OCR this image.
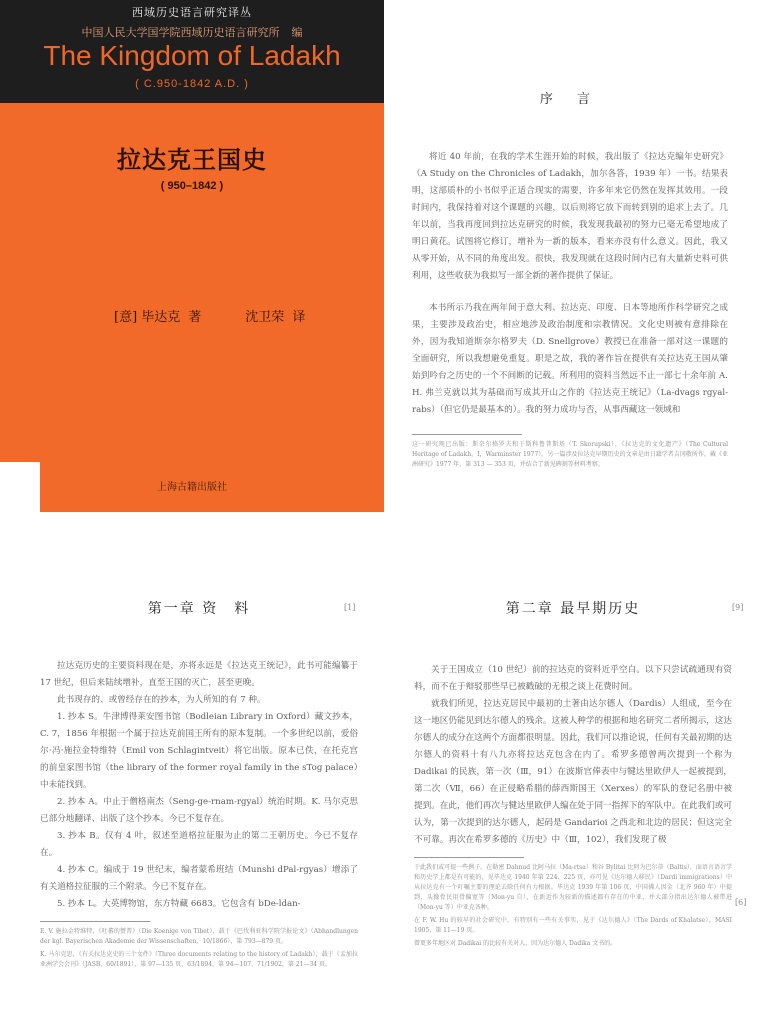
西域历史语言研究译丛
中国人民大学国学院西域历史语言研究所 编
The Kingdom of Ladakh
( C.950-1842 A.D. )
拉达克王国史
( 950–1842 )
[意] 毕达克 著	沈卫荣 译
上海古籍出版社
序 言

将近 40 年前，在我的学术生涯开始的时候，我出版了《拉达克编年史研究》（A Study on the Chronicles of Ladakh，加尔各答，1939 年）一书。结果表明，这部质朴的小书似乎正适合现实的需要，许多年来它仍然在发挥其效用。一段时间内，我保持着对这个课题的兴趣，以后则将它放下而转到别的追求上去了。几年以前，当我再度回到拉达克研究的时候，我发现我最初的努力已毫无希望地成了明日黄花。试图将它修订，增补为一新的版本，看来亦没有什么意义。因此，我又从零开始，从不同的角度出发。很快，我发现就在这段时间内已有大量新史料可供利用，这些收获为我拟写一部全新的著作提供了保证。

本书所示乃我在两年间于意大利、拉达克、印度、日本等地所作科学研究之成果，主要涉及政治史，相应地涉及政治制度和宗教情况。文化史则被有意排除在外，因为我知道斯奈尔格罗夫（D. Snellgrove）教授已在准备一部对这一课题的全面研究，所以我想避免重复。职是之故，我的著作旨在提供有关拉达克王国从肇始到吟台之历史的一个不间断的记载。所利用的资料当然远不止一部七十余年前 A. H. 弗兰克就以其为基础而写成其开山之作的《拉达克王统记》（La-dvags rgyal-rabs）（但它仍是最基本的）。我的努力成功与否，从事西藏这一领域和

这一研究现已出版：斯奈尔格罗夫和于斯科鲁普斯基（T. Skorupski），《拉达克的文化遗产》（The Cultural Heritage of Ladakh，I，Warminster 1977）。另一篇涉及拉达克早期历史的文章是由日籍学者吉冈敬所作，載《亚洲研究》1977 年，第 313 — 353 页，并结合了新见碑刻等材料考察。
[1]
第一章 资　料

拉达克历史的主要资料现在是，亦将永远是《拉达克王统记》，此书可能编纂于 17 世纪，但后来陆续增补，直至王国的灭亡，甚至更晚。

此书现存的、或曾经存在的抄本，为人所知的有 7 种。

1. 抄本 S。牛津博得莱安图书馆（Bodleian Library in Oxford）藏文抄本，C. 7，1856 年根据一个属于拉达克前国王所有的原本复制。一个多世纪以前，爱俗尔·冯·施拉金特维特（Emil von Schlagintveit）将它出版。原本已佚，在托克宫的前皇家图书馆（the library of the former royal family in the sTog palace）中未能找到。

2. 抄本 A。中止于僧格南杰（Seng-ge-rnam-rgyal）统治时期。K. 马尔克思已部分地翻译、出版了这个抄本。今已不复存在。

3. 抄本 B。仅有 4 叶，叙述至道格拉征服为止的第二王朝历史。今已不复存在。

4. 抄本 C。编成于 19 世纪末，编者蒙希班结（Munshi dPal-rgyas）增添了有关道格拉征服的三个附录。今已不复存在。

5. 抄本 L。大英博物馆，东方特藏 6683。它包含有 bDe-ldan-

E. V. 施拉金特维特，《吐蕃的赞普》（Die Koenige von Tibet），载于《巴伐利亚科学院学报论文》（Abhandlungen der kgl. Bayerischen Akademie der Wissenschaften，10/1866），第 793—879 页。
K. 马尔克思，《有关拉达克史的三个文件》（Three documents relating to the history of Ladakh），载于《孟加拉亚洲学会会刊》（JASB，60/1891），第 97—135 页、63/1894，第 94—107、71/1902，第 21—34 页。
[9]
[6]
第二章 最早期历史

关于王国成立（10 世纪）前的拉达克的资料近乎空白。以下只尝试疏通现有资料，而不在于辩驳那些早已被戳破的无根之谈上花费时间。

就我们所见，拉达克居民中最初的土著由达尔德人（Dardis）人组成，至今在这一地区仍能见到达尔德人的残余。这被人种学的根据和地名研究二者所揭示，这达尔德人的成分在这两个方面都很明显。因此，我们可以推论说，任何有关最初期的达尔德人的资料十有八九亦将拉达克包含在内了。希罗多德曾两次提到一个称为 Dadikai 的民族，第一次（Ⅲ，91）在波斯官俸表中与犍达里欧伊人一起被提到，第二次（Ⅶ，66）在正侵略希腊的薛西斯国王（Xerxes）的军队的登记名册中被提到。在此，他们再次与犍达里欧伊人编在处于同一指挥下的军队中。在此我们或可认为，第一次提到的达尔德人，起码是 Gandarioi 之西北和北边的居民；但这完全不可靠。再次在希罗多德的《历史》中（Ⅲ，102），我们发现了极

于此我们或可提一些例子。在勒密 Dahnud 比阿马拉（Ma-rtsa）和谷 Bylitai 比阿为巴尔蒂（Baltis），而语言语言学和历史学上都是有可能的，见毕达克 1940 年第 224、225 页，亦可见《达尔德人移民》（Dardi immigrations）中从拉达克有一个叮嘱主要的理论去除任何有力根据。毕达克 1939 年第 106 页，中国佛人因金（北齐 960 年）中提到，头像骨民用骨偏宽等（Mon-yu 自），在新近作为较新的描述都有存在的中亚，并大部分指出达尔德人被带进（Mon-yu 等）中亚克各种。
在 F. W. Hu 的较早的社会研究中，有特别有一些有关事实，见于《达尔德人》（The Dards of Khalatse），MASI 1905，第 11—19 页。
曾更多年地区对 Dadikai 的比较有关对人，因为达尔德人 Dadika 文书的。
